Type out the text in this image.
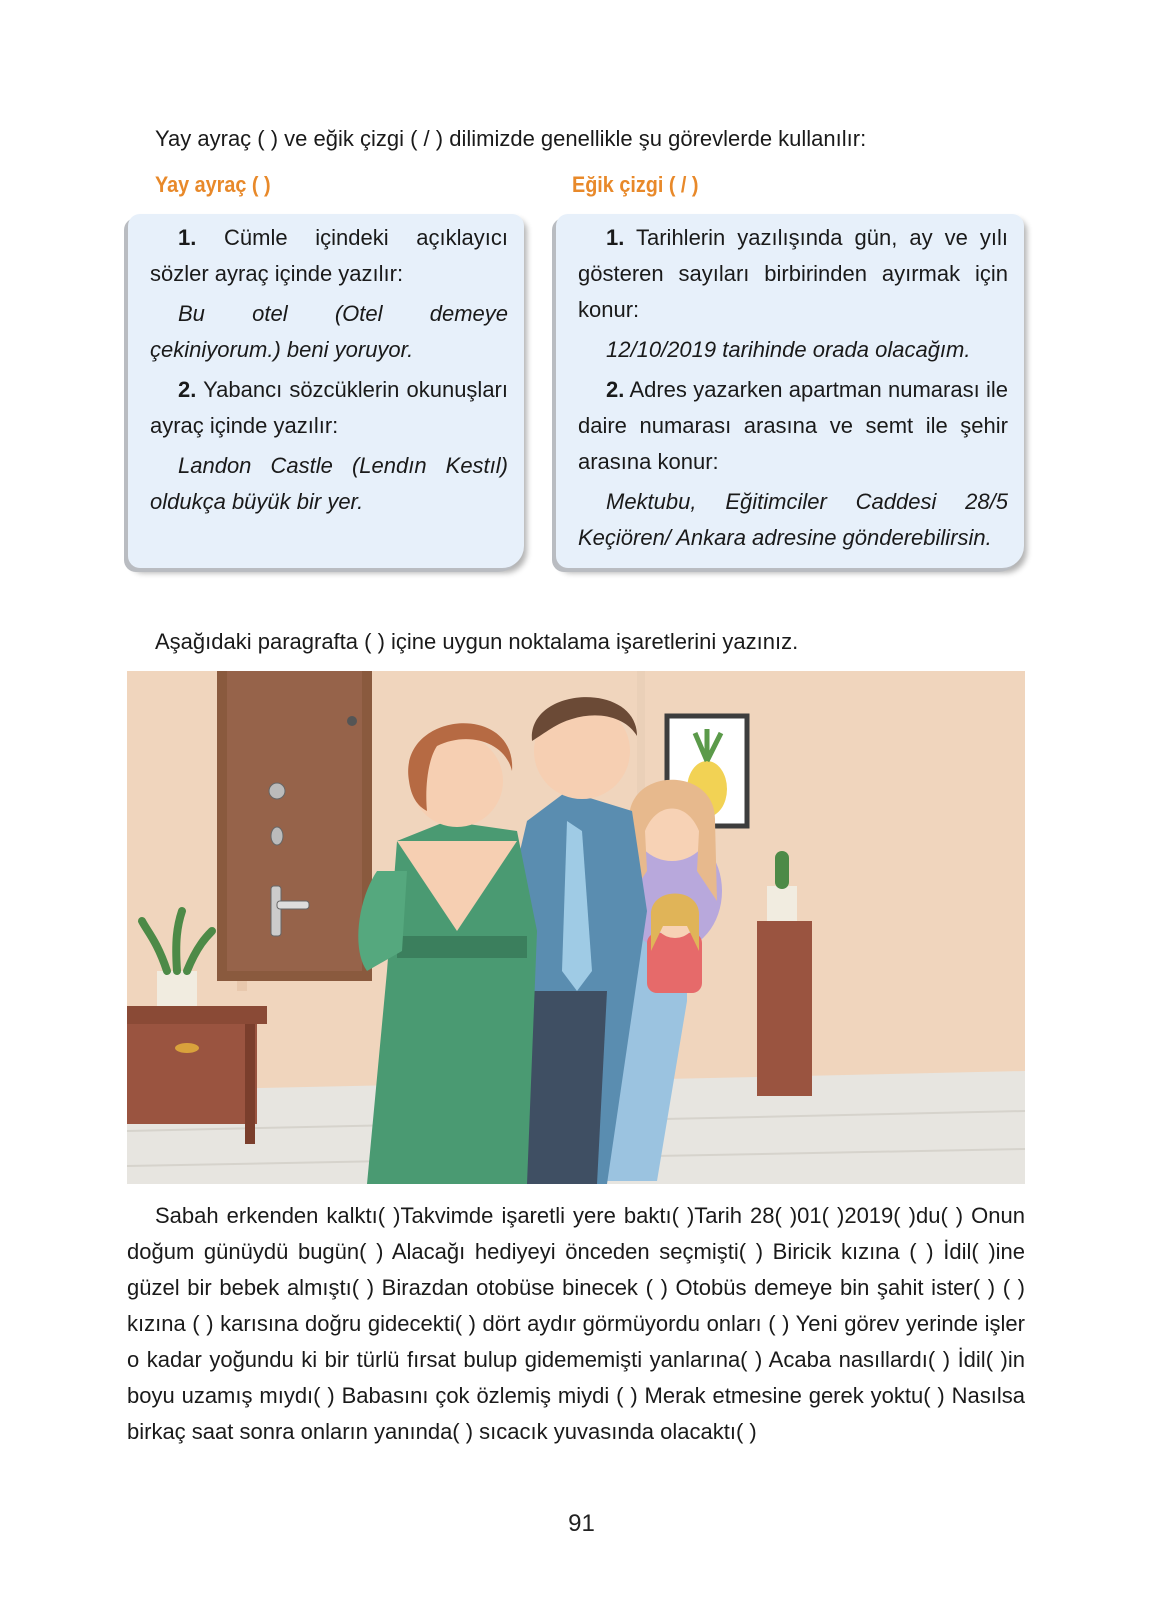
Yay ayraç ( ) ve eğik çizgi ( / ) dilimizde genellikle şu görevlerde kullanılır:
Yay ayraç ( )	Eğik çizgi ( / )

1. Cümle içindeki açıklayıcı sözler ayraç içinde yazılır:

Bu otel (Otel demeye çekiniyorum.) beni yoruyor.

2. Yabancı sözcüklerin okunuşları ayraç içinde yazılır:

Landon Castle (Lendın Kestıl) oldukça büyük bir yer.

1. Tarihlerin yazılışında gün, ay ve yılı gösteren sayıları birbirinden ayırmak için konur:

12/10/2019 tarihinde orada olacağım.

2. Adres yazarken apartman numarası ile daire numarası arasına ve semt ile şehir arasına konur:

Mektubu, Eğitimciler Caddesi 28/5 Keçiören/ Ankara adresine gönderebilirsin.

Aşağıdaki paragrafta ( ) içine uygun noktalama işaretlerini yazınız.

Sabah erkenden kalktı( )Takvimde işaretli yere baktı( )Tarih 28( )01( )2019( )du( ) Onun doğum günüydü bugün( ) Alacağı hediyeyi önceden seçmişti( ) Biricik kızına ( ) İdil( )ine güzel bir bebek almıştı( ) Birazdan otobüse binecek ( ) Otobüs demeye bin şahit ister( ) ( ) kızına ( ) karısına doğru gidecekti( ) dört aydır görmüyordu onları ( ) Yeni görev yerinde işler o kadar yoğundu ki bir türlü fırsat bulup gidememişti yanlarına( ) Acaba nasıllardı( ) İdil( )in boyu uzamış mıydı( ) Babasını çok özlemiş miydi ( ) Merak etmesine gerek yoktu( ) Nasılsa birkaç saat sonra onların yanında( ) sıcacık yuvasında olacaktı( )

91
